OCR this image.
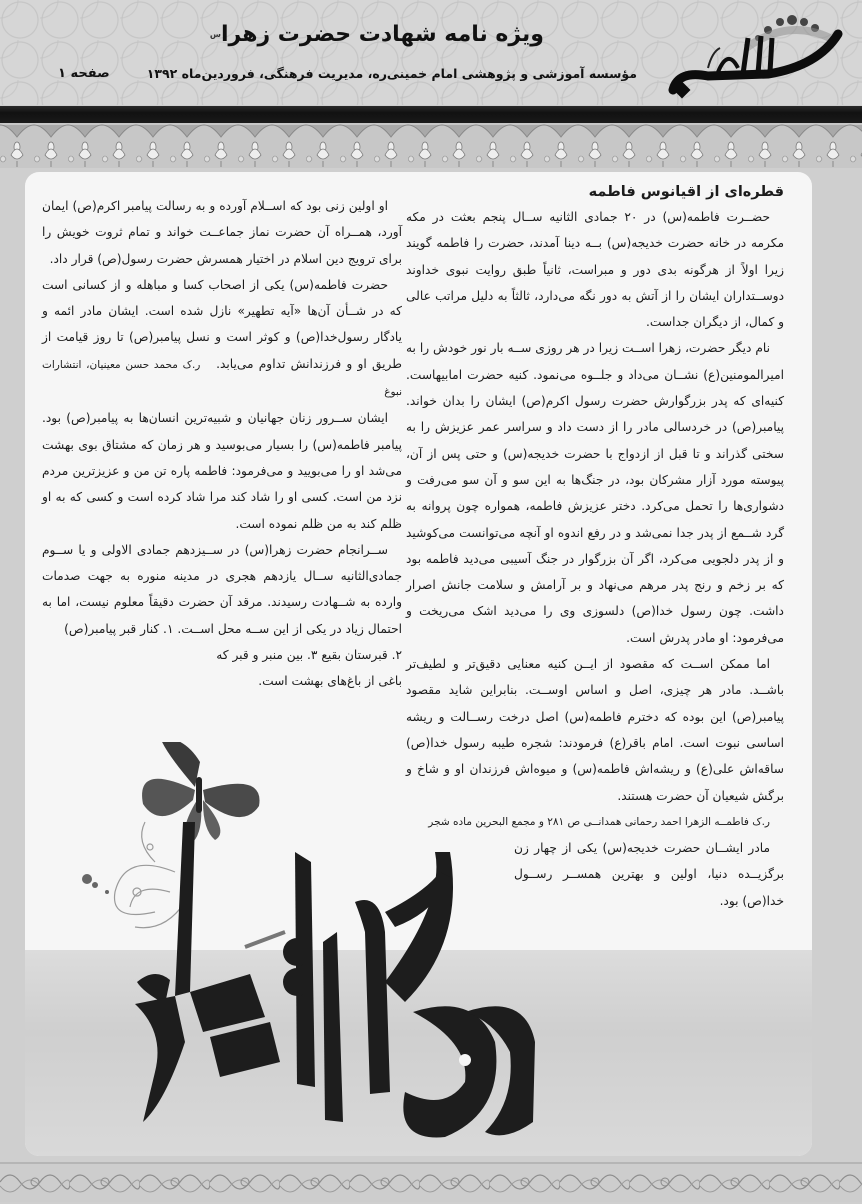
ویژه نامه شهادت حضرت زهراس
مؤسسه آموزشی و پژوهشی امام خمینی‌ره، مدیریت فرهنگی، فروردین‌ماه ۱۳۹۲
صفحه ۱

قطره‌ای از اقیانوس فاطمه

حضــرت فاطمه(س) در ۲۰ جمادی الثانیه ســال پنجم بعثت در مکه مکرمه در خانه حضرت خدیجه(س) بــه دینا آمدند، حضرت را فاطمه گویند زیرا اولاً از هرگونه بدی دور و مبراست، ثانیاً طبق روایت نبوی خداوند دوســتداران ایشان را از آتش به دور نگه می‌دارد، ثالثاً به دلیل مراتب عالی و کمال، از دیگران جداست.

نام دیگر حضرت، زهرا اســت زیرا در هر روزی ســه بار نور خودش را به امیرالمومنین(ع) نشــان می‌داد و جلــوه می‌نمود. کنیه حضرت امابیهاست. کنیه‌ای که پدر بزرگوارش حضرت رسول اکرم(ص) ایشان را بدان خواند. پیامبر(ص) در خردسالی مادر را از دست داد و سراسر عمر عزیزش را به سختی گذراند و تا قبل از ازدواج با حضرت خدیجه(س) و حتی پس از آن، پیوسته مورد آزار مشرکان بود، در جنگ‌ها به این سو و آن سو می‌رفت و دشواری‌ها را تحمل می‌کرد. دختر عزیزش فاطمه، همواره چون پروانه به گرد شــمع از پدر جدا نمی‌شد و در رفع اندوه او آنچه می‌توانست می‌کوشید و از پدر دلجویی می‌کرد، اگر آن بزرگوار در جنگ آسیبی می‌دید فاطمه بود که بر زخم و رنج پدر مرهم می‌نهاد و بر آرامش و سلامت جانش اصرار داشت. چون رسول خدا(ص) دلسوزی وی را می‌دید اشک می‌ریخت و می‌فرمود: او مادر پدرش است.

اما ممکن اســت که مقصود از ایــن کنیه معنایی دقیق‌تر و لطیف‌تر باشــد. مادر هر چیزی، اصل و اساس اوســت. بنابراین شاید مقصود پیامبر(ص) این بوده که دخترم فاطمه(س) اصل درخت رســالت و ریشه اساسی نبوت است. امام باقر(ع) فرمودند: شجره طیبه رسول خدا(ص) ساقه‌اش علی(ع) و ریشه‌اش فاطمه(س) و میوه‌اش فرزندان او و شاخ و برگش شیعیان آن حضرت هستند.

ر.ک فاطمــه الزهرا احمد رحمانی همدانــی ص ۲۸۱ و مجمع البحرین ماده شجر

مادر ایشــان حضرت خدیجه(س) یکی از چهار زن برگزیــده دنیا، اولین و بهترین همســر رســول خدا(ص) بود.

او اولین زنی بود که اســلام آورده و به رسالت پیامبر اکرم(ص) ایمان آورد، همــراه آن حضرت نماز جماعــت خواند و تمام ثروت خویش را برای ترویج دین اسلام در اختیار همسرش حضرت رسول(ص) قرار داد.

حضرت فاطمه(س) یکی از اصحاب کسا و مباهله و از کسانی است که در شــأن آن‌ها «آیه تطهیر» نازل شده است. ایشان مادر ائمه و یادگار رسول‌خدا(ص) و کوثر است و نسل پیامبر(ص) تا روز قیامت از طریق او و فرزندانش تداوم می‌یابد.   ر.ک محمد حسن معینیان، انتشارات نبوغ

ایشان ســرور زنان جهانیان و شبیه‌ترین انسان‌ها به پیامبر(ص) بود. پیامبر فاطمه(س) را بسیار می‌بوسید و هر زمان که مشتاق بوی بهشت می‌شد او را می‌بویید و می‌فرمود: فاطمه پاره تن من و عزیزترین مردم نزد من است. کسی او را شاد کند مرا شاد کرده است و کسی که به او ظلم کند به من ظلم نموده است.

ســرانجام حضرت زهرا(س) در ســیزدهم جمادی الاولی و یا ســوم جمادی‌الثانیه ســال یازدهم هجری در مدینه منوره به جهت صدمات وارده به شــهادت رسیدند. مرقد آن حضرت دقیقاً معلوم نیست، اما به احتمال زیاد در یکی از این ســه محل اســت. ۱. کنار قبر پیامبر(ص)

۲. قبرستان بقیع ۳. بین منبر و قبر که

باغی از باغ‌های بهشت است.
